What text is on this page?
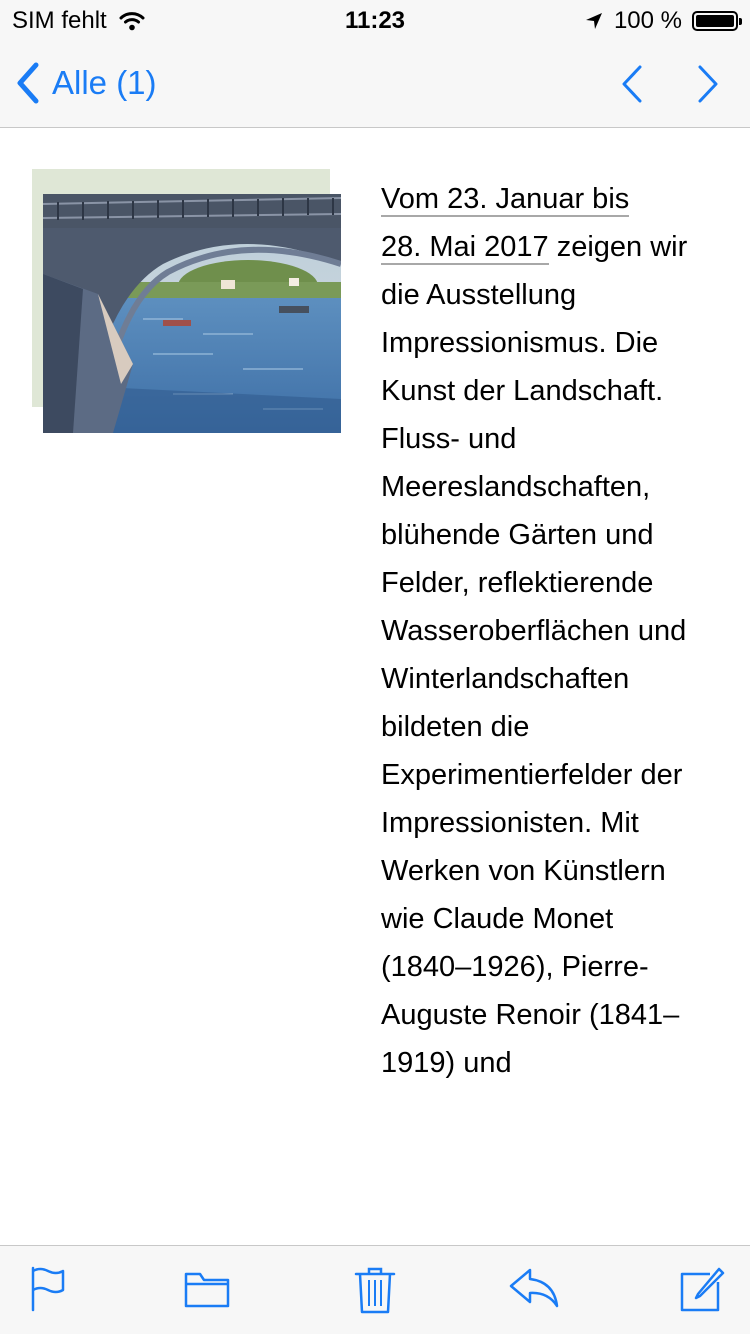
SIM fehlt	11:23	100 %
Alle (1)

Vom 23. Januar bis
28. Mai 2017 zeigen wir die Ausstellung Impressionismus. Die Kunst der Landschaft. Fluss- und Meereslandschaften, blühende Gärten und Felder, reflektierende Wasseroberflächen und Winterlandschaften bildeten die Experimentierfelder der Impressionisten. Mit Werken von Künstlern wie Claude Monet (1840–1926), Pierre-Auguste Renoir (1841–1919) und
